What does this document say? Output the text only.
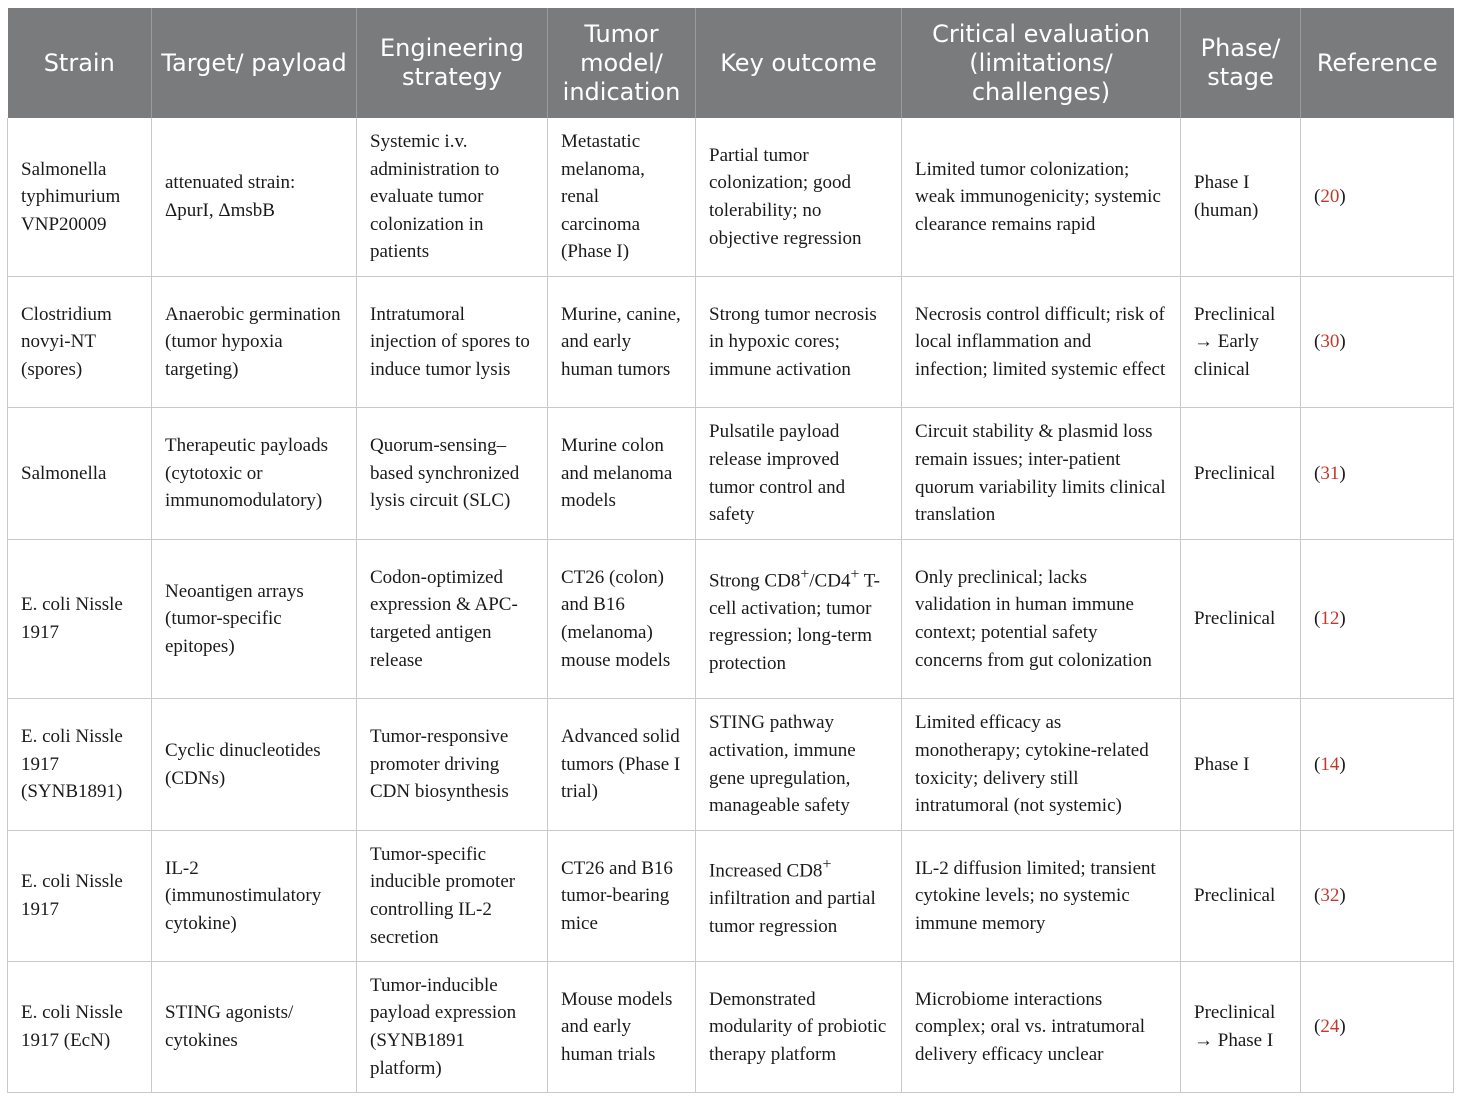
Strain	Target/ payload	Engineering strategy	Tumor model/ indication	Key outcome	Critical evaluation (limitations/ challenges)	Phase/ stage	Reference
Salmonella typhimurium VNP20009	attenuated strain: ΔpurI, ΔmsbB	Systemic i.v. administration to evaluate tumor colonization in patients	Metastatic melanoma, renal carcinoma (Phase I)	Partial tumor colonization; good tolerability; no objective regression	Limited tumor colonization; weak immunogenicity; systemic clearance remains rapid	Phase I (human)	(20)
Clostridium novyi-NT (spores)	Anaerobic germination (tumor hypoxia targeting)	Intratumoral injection of spores to induce tumor lysis	Murine, canine, and early human tumors	Strong tumor necrosis in hypoxic cores; immune activation	Necrosis control difficult; risk of local inflammation and infection; limited systemic effect	Preclinical → Early clinical	(30)
Salmonella	Therapeutic payloads (cytotoxic or immunomodulatory)	Quorum-sensing–based synchronized lysis circuit (SLC)	Murine colon and melanoma models	Pulsatile payload release improved tumor control and safety	Circuit stability & plasmid loss remain issues; inter-patient quorum variability limits clinical translation	Preclinical	(31)
E. coli Nissle 1917	Neoantigen arrays (tumor-specific epitopes)	Codon-optimized expression & APC-targeted antigen release	CT26 (colon) and B16 (melanoma) mouse models	Strong CD8+/CD4+ T-cell activation; tumor regression; long-term protection	Only preclinical; lacks validation in human immune context; potential safety concerns from gut colonization	Preclinical	(12)
E. coli Nissle 1917 (SYNB1891)	Cyclic dinucleotides (CDNs)	Tumor-responsive promoter driving CDN biosynthesis	Advanced solid tumors (Phase I trial)	STING pathway activation, immune gene upregulation, manageable safety	Limited efficacy as monotherapy; cytokine-related toxicity; delivery still intratumoral (not systemic)	Phase I	(14)
E. coli Nissle 1917	IL-2 (immunostimulatory cytokine)	Tumor-specific inducible promoter controlling IL-2 secretion	CT26 and B16 tumor-bearing mice	Increased CD8+ infiltration and partial tumor regression	IL-2 diffusion limited; transient cytokine levels; no systemic immune memory	Preclinical	(32)
E. coli Nissle 1917 (EcN)	STING agonists/ cytokines	Tumor-inducible payload expression (SYNB1891 platform)	Mouse models and early human trials	Demonstrated modularity of probiotic therapy platform	Microbiome interactions complex; oral vs. intratumoral delivery efficacy unclear	Preclinical → Phase I	(24)
